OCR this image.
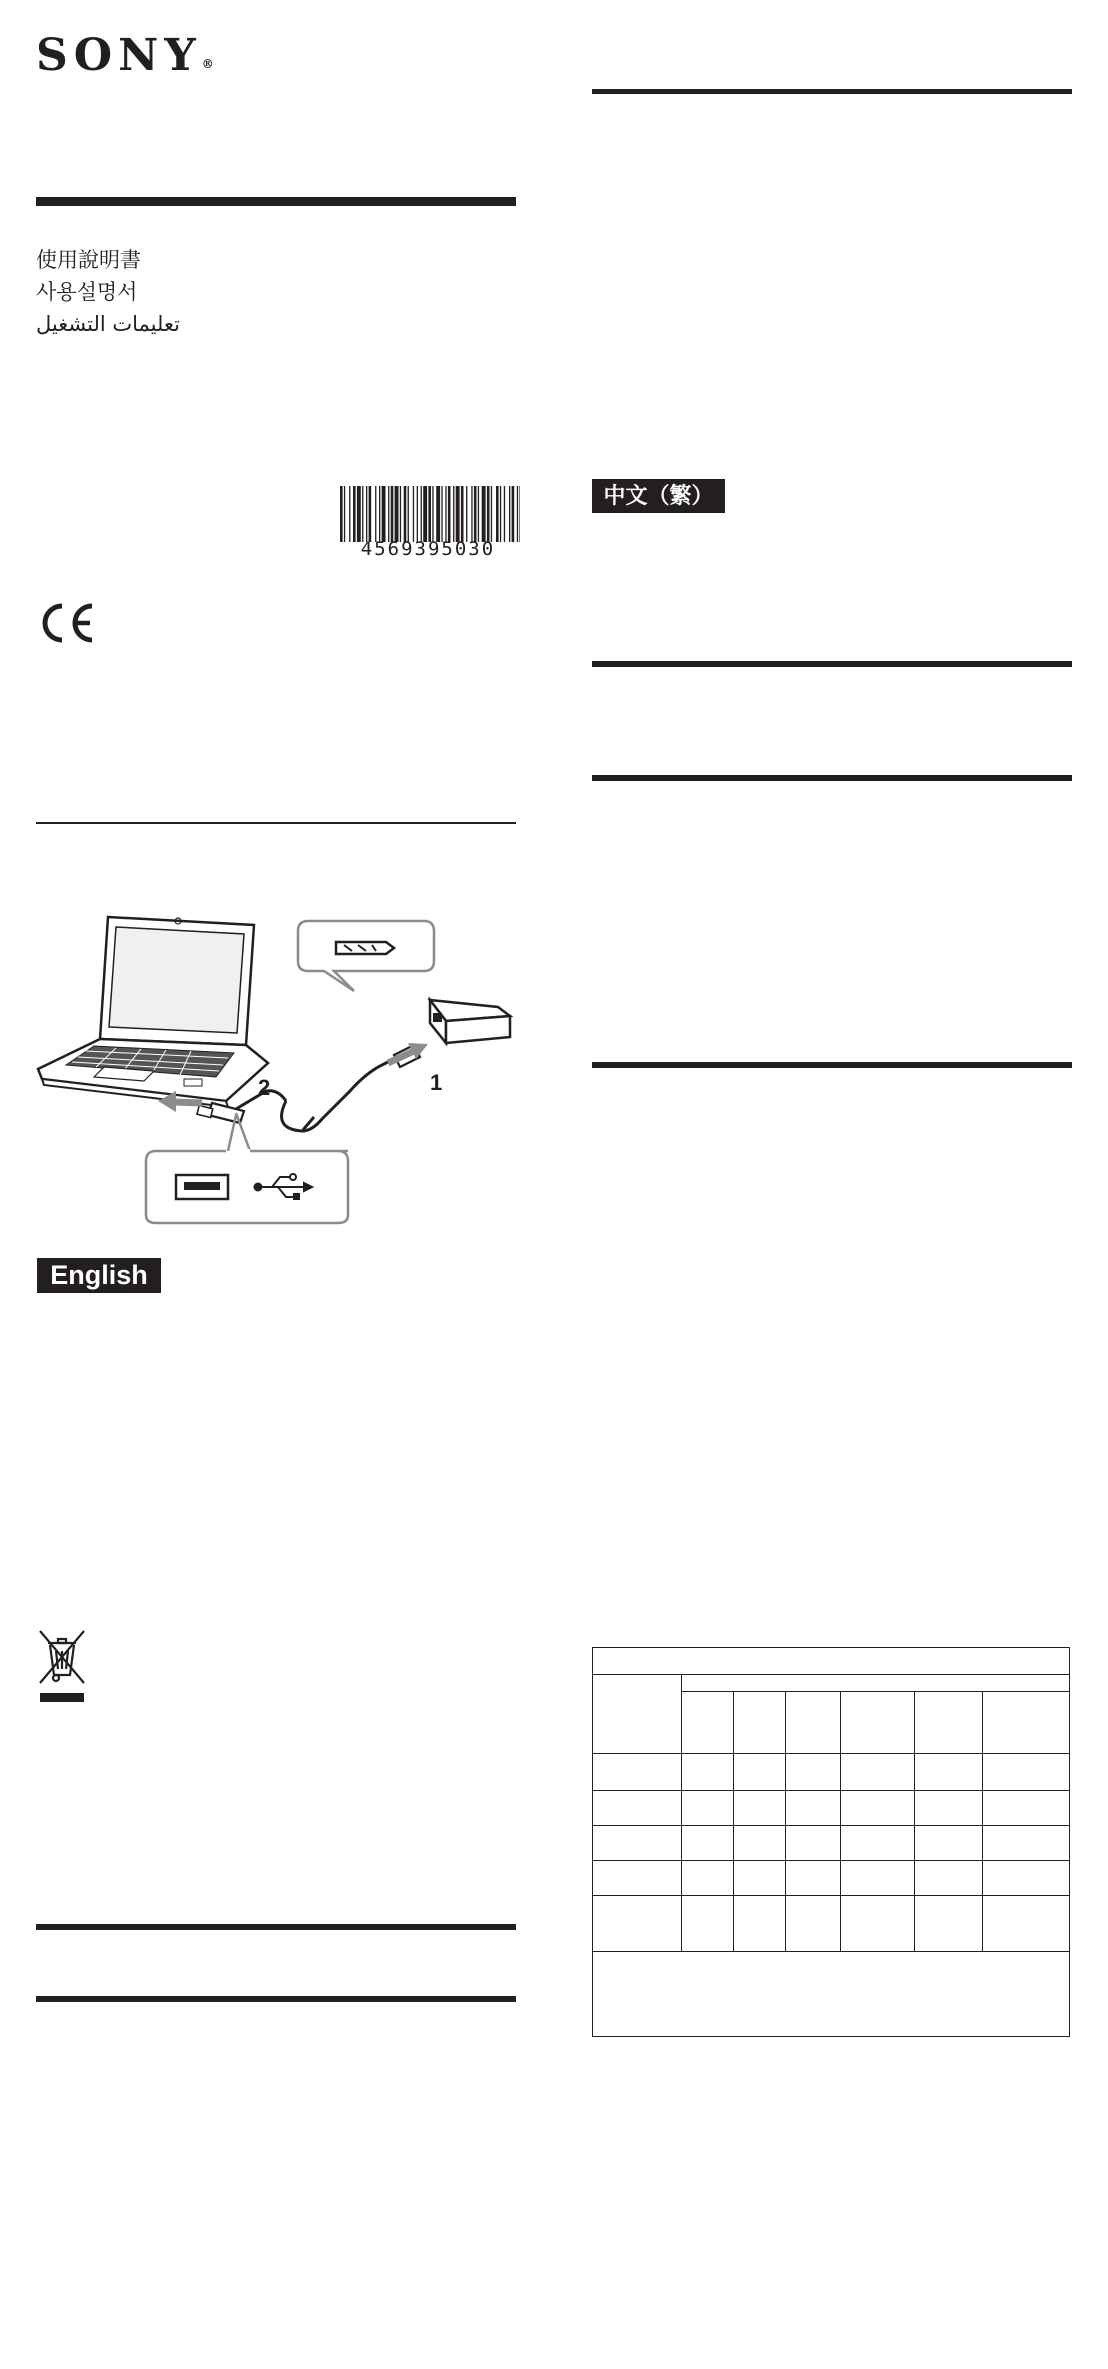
SONY®
使用說明書
사용설명서
تعليمات التشغيل
4569395030
1
2
English
中文（繁）
